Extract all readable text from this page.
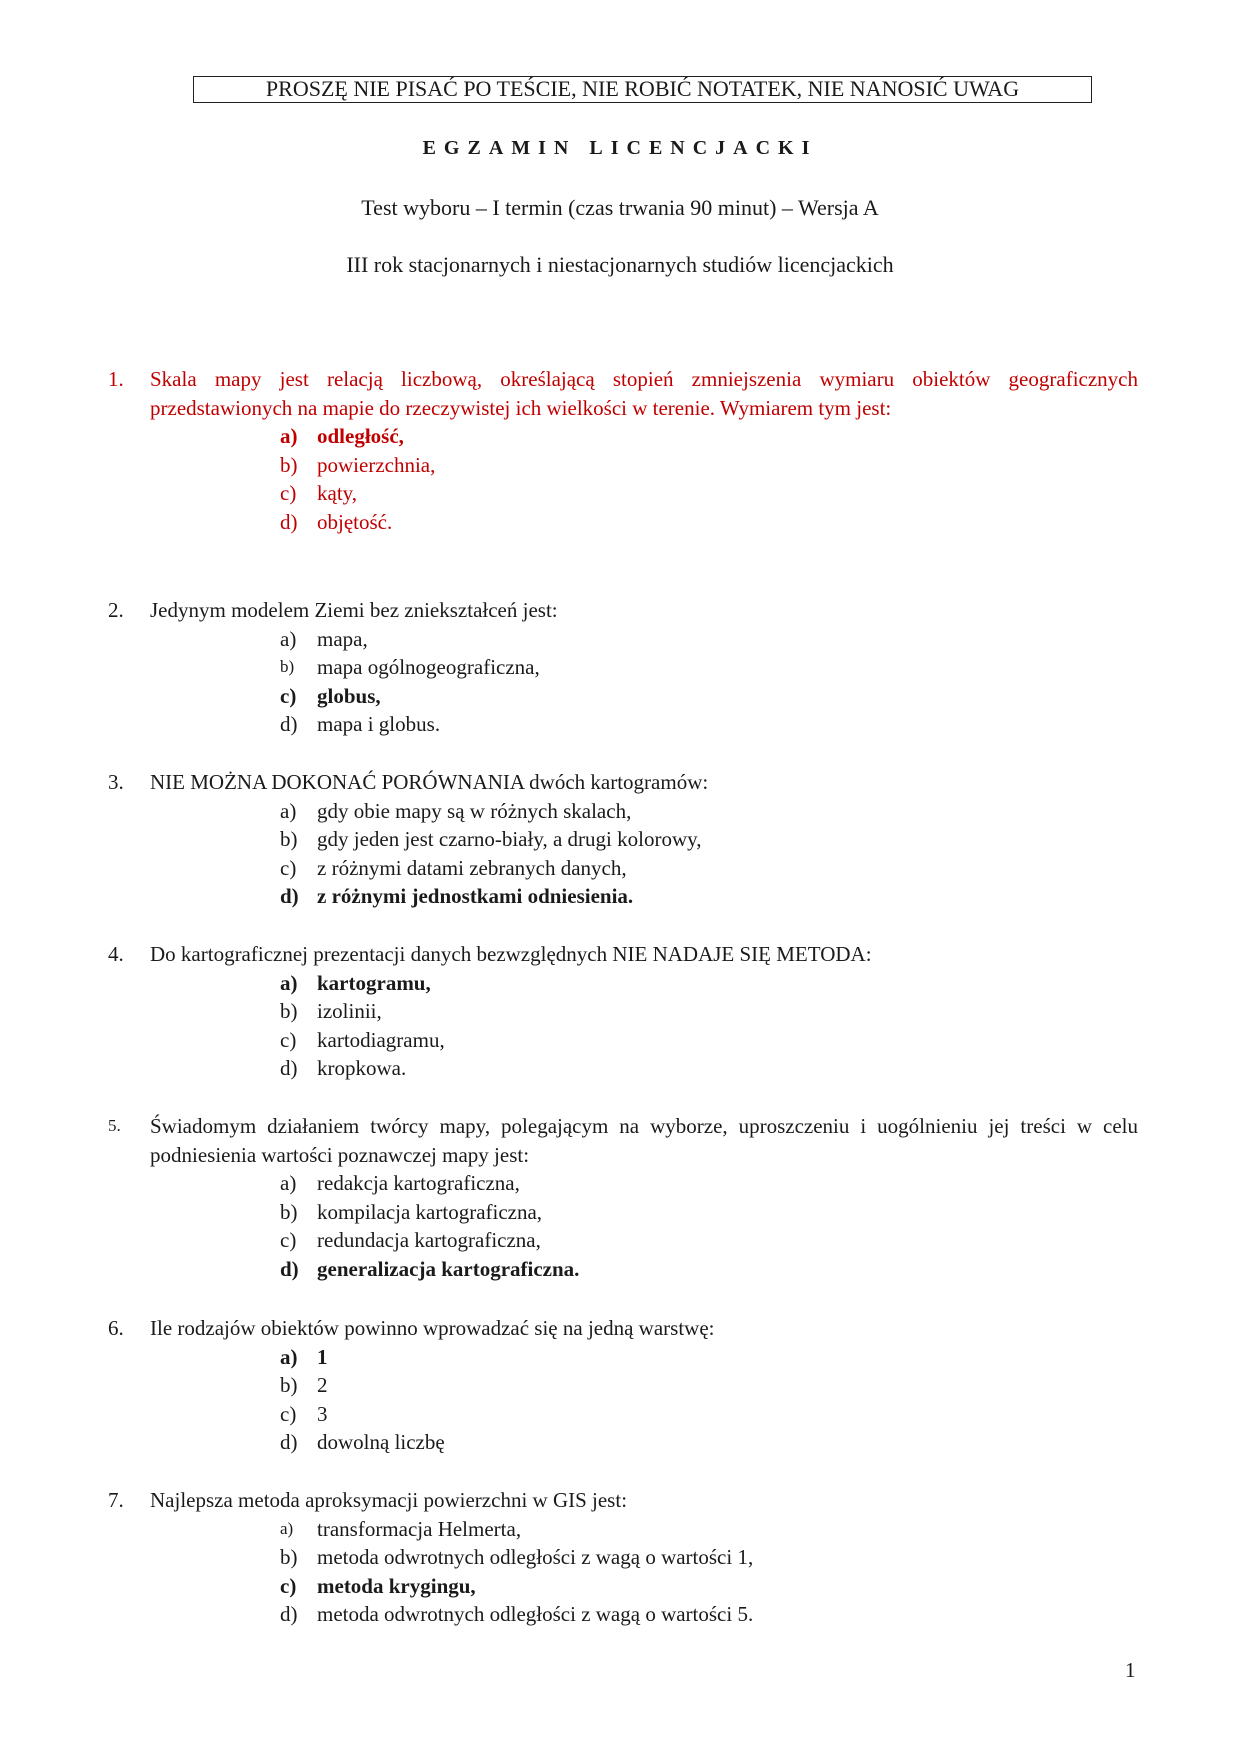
PROSZĘ NIE PISAĆ PO TEŚCIE, NIE ROBIĆ NOTATEK, NIE NANOSIĆ UWAG
EGZAMIN LICENCJACKI
Test wyboru – I termin (czas trwania 90 minut) – Wersja A
III rok stacjonarnych i niestacjonarnych studiów licencjackich
1.	Skala mapy jest relacją liczbową, określającą stopień zmniejszenia wymiaru obiektów geograficznych przedstawionych na mapie do rzeczywistej ich wielkości w terenie. Wymiarem tym jest:
a) odległość,
b) powierzchnia,
c) kąty,
d) objętość.
2.	Jedynym modelem Ziemi bez zniekształceń jest:
a) mapa,
b)	mapa ogólnogeograficzna,
c) globus,
d) mapa i globus.
3.	NIE MOŻNA DOKONAĆ PORÓWNANIA dwóch kartogramów:
a) gdy obie mapy są w różnych skalach,
b) gdy jeden jest czarno-biały, a drugi kolorowy,
c) z różnymi datami zebranych danych,
d) z różnymi jednostkami odniesienia.
4.	Do kartograficznej prezentacji danych bezwzględnych NIE NADAJE SIĘ METODA:
a) kartogramu,
b) izolinii,
c) kartodiagramu,
d) kropkowa.
5.	Świadomym działaniem twórcy mapy, polegającym na wyborze, uproszczeniu i uogólnieniu jej treści w celu podniesienia wartości poznawczej mapy jest:
a) redakcja kartograficzna,
b) kompilacja kartograficzna,
c) redundacja kartograficzna,
d) generalizacja kartograficzna.
6.	Ile rodzajów obiektów powinno wprowadzać się na jedną warstwę:
a) 1
b) 2
c) 3
d) dowolną liczbę
7.	Najlepsza metoda aproksymacji powierzchni w GIS jest:
a)	transformacja Helmerta,
b) metoda odwrotnych odległości z wagą o wartości 1,
c) metoda krygingu,
d) metoda odwrotnych odległości z wagą o wartości 5.
1
